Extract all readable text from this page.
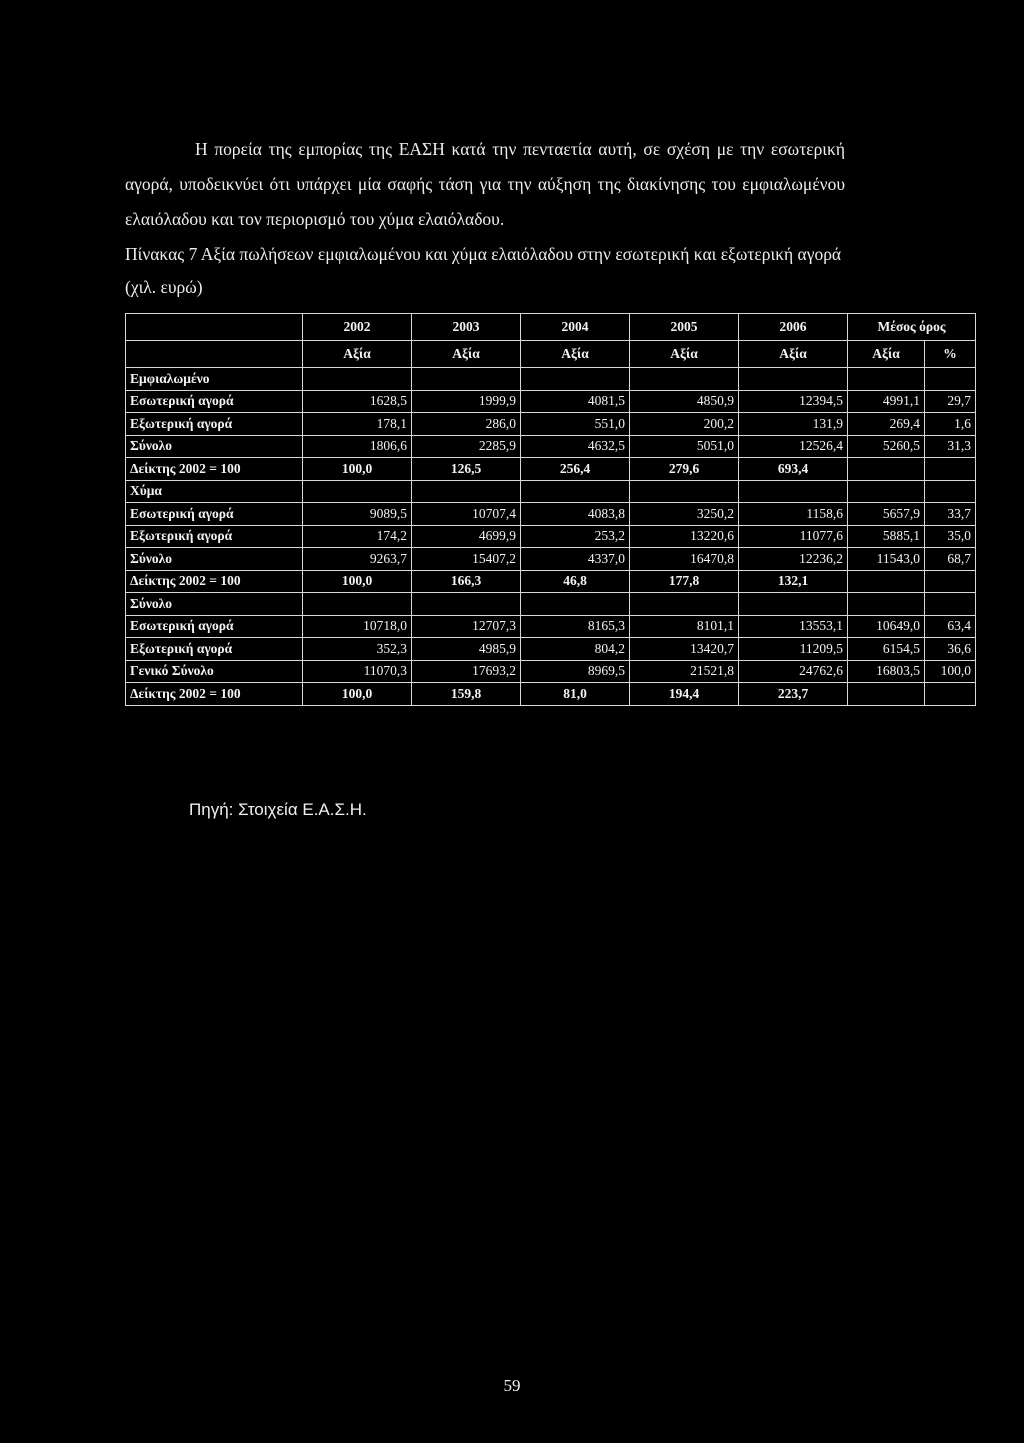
Η πορεία της εμπορίας της ΕΑΣΗ κατά την πενταετία αυτή, σε σχέση με την εσωτερική αγορά, υποδεικνύει ότι υπάρχει μία σαφής τάση για την αύξηση της διακίνησης του εμφιαλωμένου ελαιόλαδου και τον περιορισμό του χύμα ελαιόλαδου.

Πίνακας 7 Αξία πωλήσεων εμφιαλωμένου και χύμα ελαιόλαδου στην εσωτερική και εξωτερική αγορά (χιλ. ευρώ)
	2002	2003	2004	2005	2006	Μέσος όρος	
	Αξία	Αξία	Αξία	Αξία	Αξία	Αξία	%
Εμφιαλωμένο							
Εσωτερική αγορά	1628,5	1999,9	4081,5	4850,9	12394,5	4991,1	29,7
Εξωτερική αγορά	178,1	286,0	551,0	200,2	131,9	269,4	1,6
Σύνολο	1806,6	2285,9	4632,5	5051,0	12526,4	5260,5	31,3
Δείκτης 2002 = 100	100,0	126,5	256,4	279,6	693,4		
Χύμα							
Εσωτερική αγορά	9089,5	10707,4	4083,8	3250,2	1158,6	5657,9	33,7
Εξωτερική αγορά	174,2	4699,9	253,2	13220,6	11077,6	5885,1	35,0
Σύνολο	9263,7	15407,2	4337,0	16470,8	12236,2	11543,0	68,7
Δείκτης 2002 = 100	100,0	166,3	46,8	177,8	132,1		
Σύνολο							
Εσωτερική αγορά	10718,0	12707,3	8165,3	8101,1	13553,1	10649,0	63,4
Εξωτερική αγορά	352,3	4985,9	804,2	13420,7	11209,5	6154,5	36,6
Γενικό Σύνολο	11070,3	17693,2	8969,5	21521,8	24762,6	16803,5	100,0
Δείκτης 2002 = 100	100,0	159,8	81,0	194,4	223,7		
Πηγή: Στοιχεία Ε.Α.Σ.Η.
59
